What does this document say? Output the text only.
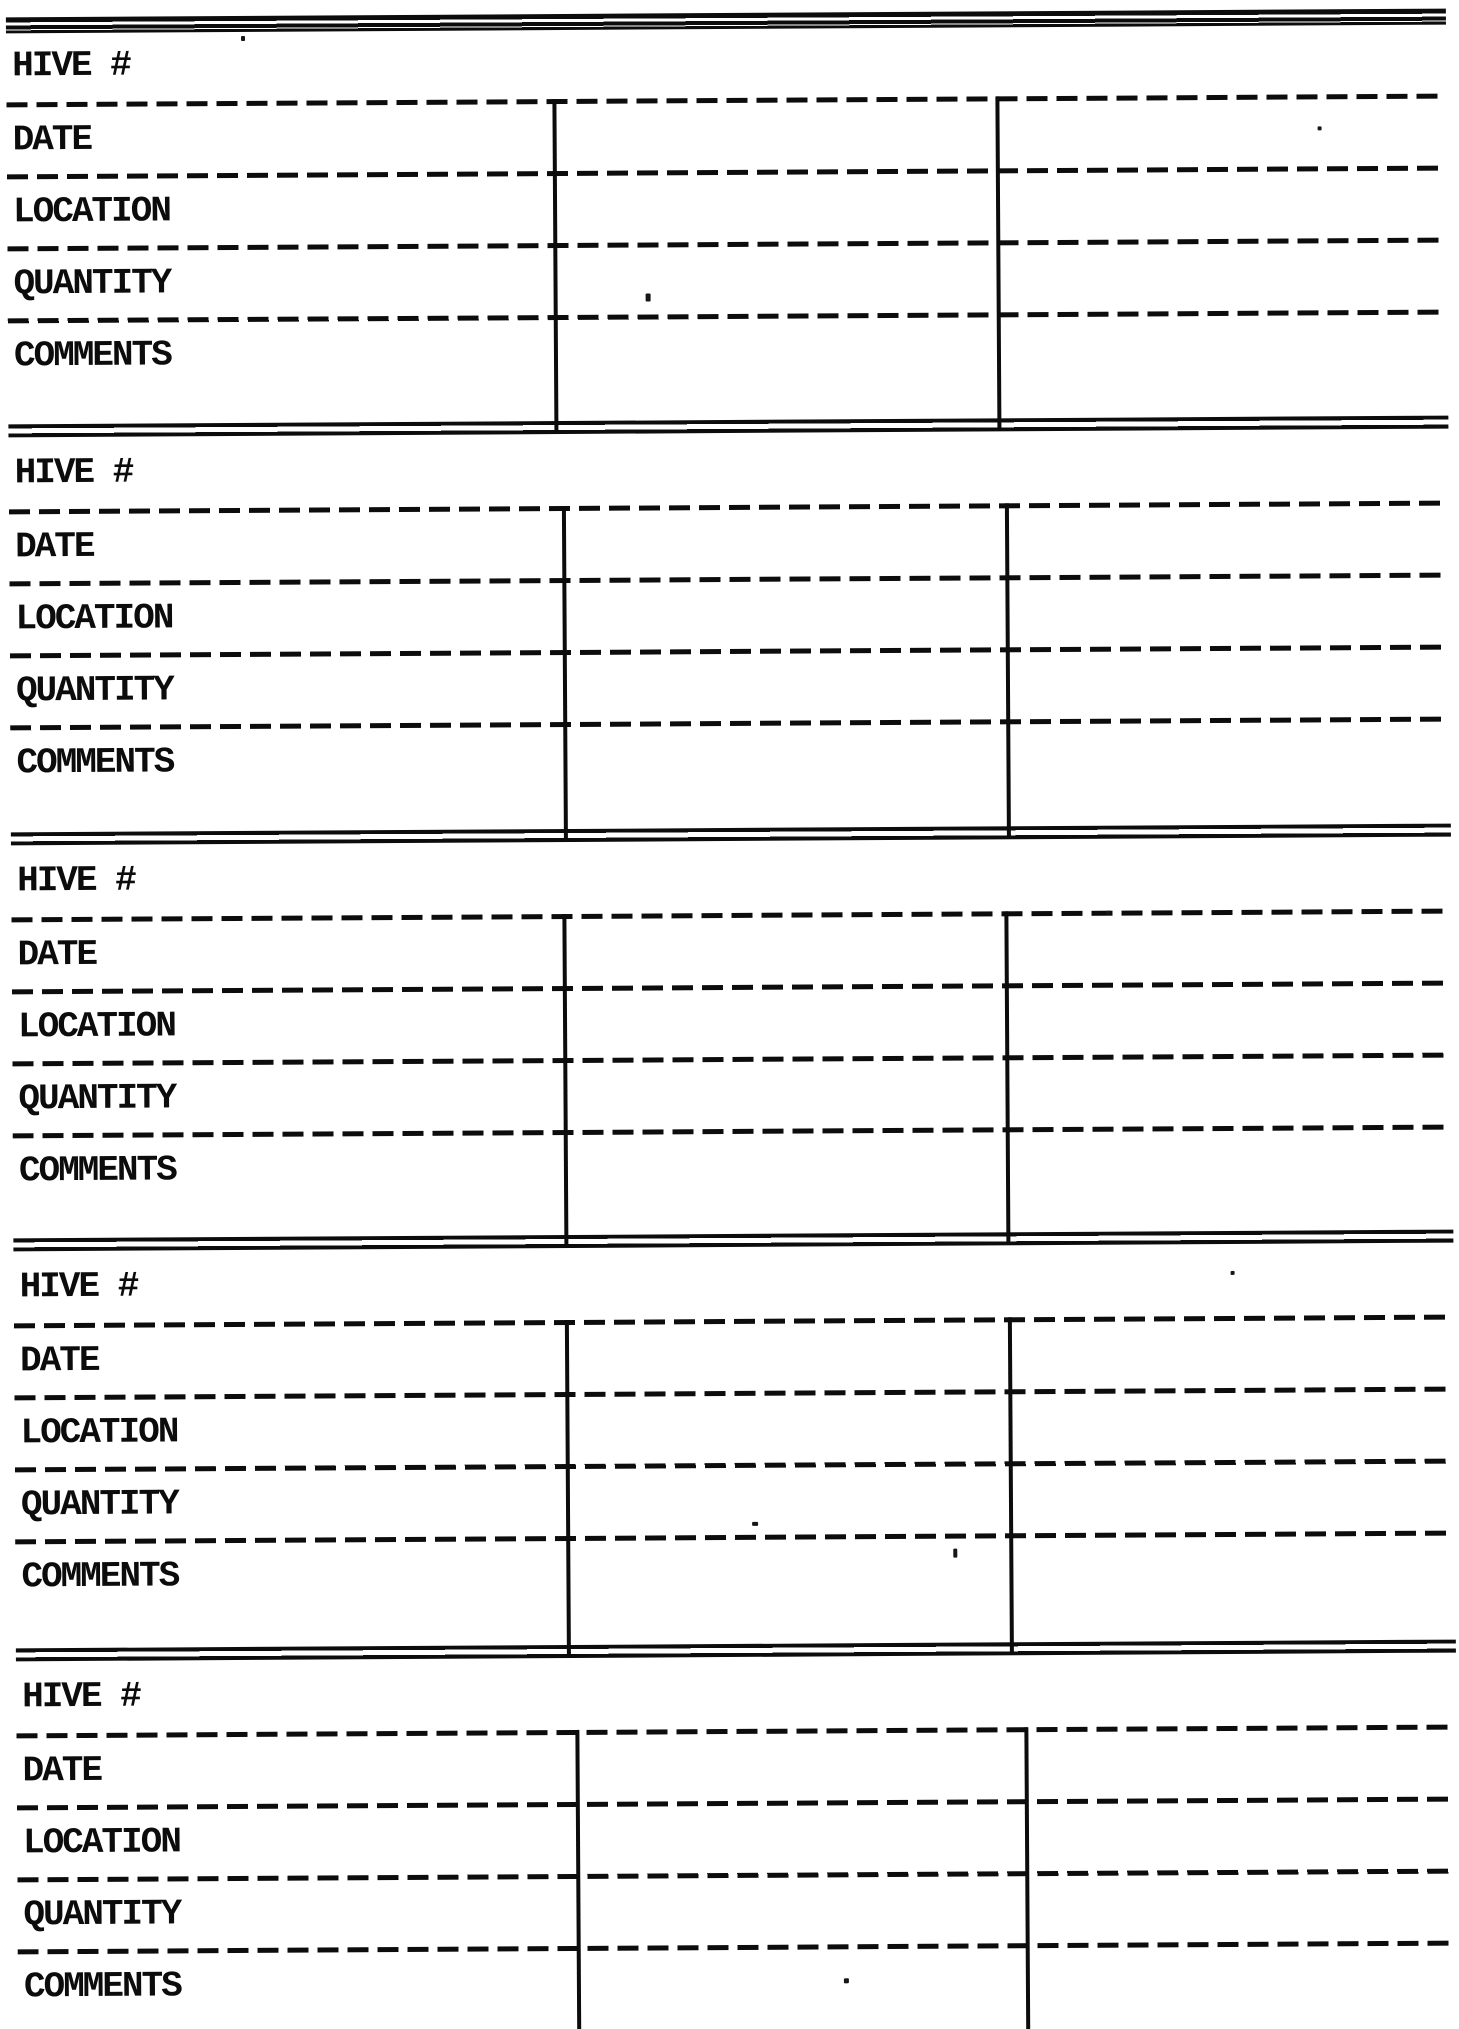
HIVE #
DATE
LOCATION
QUANTITY
COMMENTS
HIVE #
DATE
LOCATION
QUANTITY
COMMENTS
HIVE #
DATE
LOCATION
QUANTITY
COMMENTS
HIVE #
DATE
LOCATION
QUANTITY
COMMENTS
HIVE #
DATE
LOCATION
QUANTITY
COMMENTS
